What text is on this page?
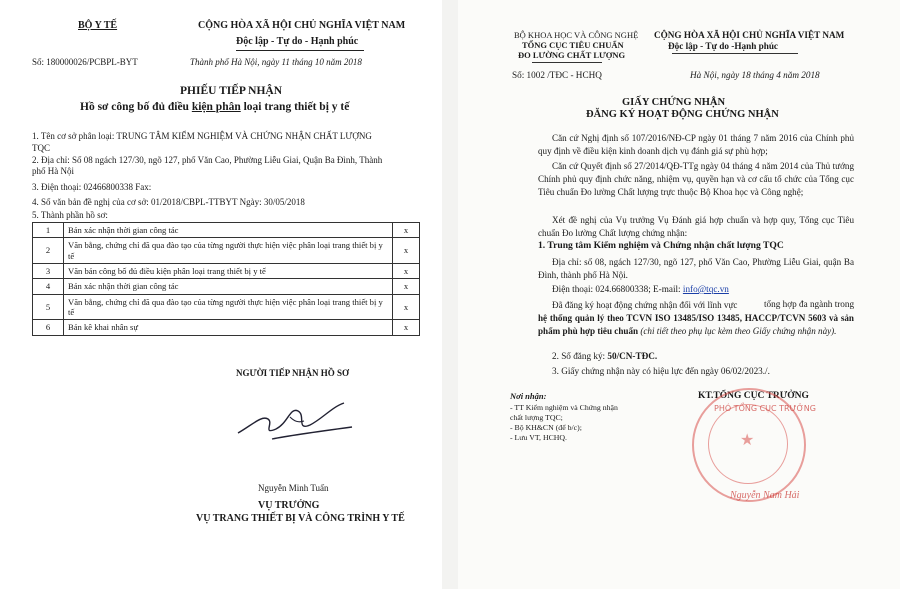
BỘ Y TẾ	CỘNG HÒA XÃ HỘI CHỦ NGHĨA VIỆT NAM
Độc lập - Tự do - Hạnh phúc
Số: 180000026/PCBPL-BYT	Thành phố Hà Nội, ngày 11 tháng 10 năm 2018
PHIẾU TIẾP NHẬN
Hồ sơ công bố đủ điều kiện phân loại trang thiết bị y tế
1. Tên cơ sở phân loại: TRUNG TÂM KIỂM NGHIỆM VÀ CHỨNG NHẬN CHẤT LƯỢNG
TQC
2. Địa chỉ: Số 08 ngách 127/30, ngõ 127, phố Văn Cao, Phường Liễu Giai, Quận Ba Đình, Thành
phố Hà Nội
3. Điện thoại: 02466800338 Fax:
4. Số văn bản đề nghị của cơ sở: 01/2018/CBPL-TTBYT Ngày: 30/05/2018
5. Thành phần hồ sơ:
1	Bản xác nhận thời gian công tác	x
2	Văn bằng, chứng chỉ đã qua đào tạo của từng người thực hiện việc phân loại trang thiết bị y tế	x
3	Văn bản công bố đủ điều kiện phân loại trang thiết bị y tế	x
4	Bản xác nhận thời gian công tác	x
5	Văn bằng, chứng chỉ đã qua đào tạo của từng người thực hiện việc phân loại trang thiết bị y tế	x
6	Bản kê khai nhân sự	x
NGƯỜI TIẾP NHẬN HỒ SƠ
Nguyễn Minh Tuấn
VỤ TRƯỞNG
VỤ TRANG THIẾT BỊ VÀ CÔNG TRÌNH Y TẾ
BỘ KHOA HỌC VÀ CÔNG NGHỆ
TỔNG CỤC TIÊU CHUẨN
ĐO LƯỜNG CHẤT LƯỢNG
CỘNG HÒA XÃ HỘI CHỦ NGHĨA VIỆT NAM
Độc lập - Tự do -Hạnh phúc
Số: 1002 /TĐC - HCHQ	Hà Nội, ngày 18 tháng 4 năm 2018
GIẤY CHỨNG NHẬN
ĐĂNG KÝ HOẠT ĐỘNG CHỨNG NHẬN
Căn cứ Nghị định số 107/2016/NĐ-CP ngày 01 tháng 7 năm 2016 của Chính phủ quy định về điều kiện kinh doanh dịch vụ đánh giá sự phù hợp;
Căn cứ Quyết định số 27/2014/QĐ-TTg ngày 04 tháng 4 năm 2014 của Thủ tướng Chính phủ quy định chức năng, nhiệm vụ, quyền hạn và cơ cấu tổ chức của Tổng cục Tiêu chuẩn Đo lường Chất lượng trực thuộc Bộ Khoa học và Công nghệ;
Xét đề nghị của Vụ trưởng Vụ Đánh giá hợp chuẩn và hợp quy, Tổng cục Tiêu chuẩn Đo lường Chất lượng chứng nhận:
1. Trung tâm Kiểm nghiệm và Chứng nhận chất lượng TQC
Địa chỉ: số 08, ngách 127/30, ngõ 127, phố Văn Cao, Phường Liễu Giai, quận Ba Đình, thành phố Hà Nội.
Điện thoại: 024.66800338; E-mail: info@tqc.vn
tổng hợp đa ngành trong
Đã đăng ký hoạt động chứng nhận đối với lĩnh vực
hệ thống quản lý theo TCVN ISO 13485/ISO 13485, HACCP/TCVN 5603 và sản phẩm phù hợp tiêu chuẩn (chi tiết theo phụ lục kèm theo Giấy chứng nhận này).
2. Số đăng ký: 50/CN-TĐC.
3. Giấy chứng nhận này có hiệu lực đến ngày 06/02/2023./.
Nơi nhận:
- TT Kiểm nghiệm và Chứng nhận
chất lượng TQC;
- Bộ KH&CN (để b/c);
- Lưu VT, HCHQ.
KT.TỔNG CỤC TRƯỞNG
★
PHÓ TỔNG CỤC TRƯỞNG
Nguyễn Nam Hải
